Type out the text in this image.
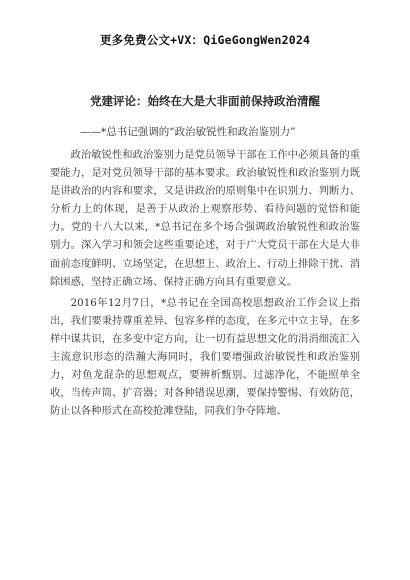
更多免费公文+VX：QiGeGongWen2024
党建评论：始终在大是大非面前保持政治清醒
——*总书记强调的“政治敏锐性和政治鉴别力”

政治敏锐性和政治鉴别力是党员领导干部在工作中必须具备的重要能力，是对党员领导干部的基本要求。政治敏锐性和政治鉴别力既是讲政治的内容和要求，又是讲政治的原则集中在识别力、判断力、分析力上的体现，是善于从政治上观察形势、看待问题的觉悟和能力。党的十八大以来，*总书记在多个场合强调政治敏锐性和政治鉴别力。深入学习和领会这些重要论述，对于广大党员干部在大是大非面前态度鲜明、立场坚定，在思想上、政治上、行动上排除干扰、消除困惑，坚持正确立场、保持正确方向具有重要意义。

2016年12月7日，*总书记在全国高校思想政治工作会议上指出，我们要秉持尊重差异、包容多样的态度，在多元中立主导，在多样中谋共识，在多变中定方向，让一切有益思想文化的涓涓细流汇入主流意识形态的浩瀚大海同时，我们要增强政治敏锐性和政治鉴别力，对鱼龙混杂的思想观点，要辨析甄别、过滤净化，不能照单全收，当传声筒、扩音器；对各种错误思潮，要保持警惕、有效防范，防止以各种形式在高校抢滩登陆，同我们争夺阵地、
